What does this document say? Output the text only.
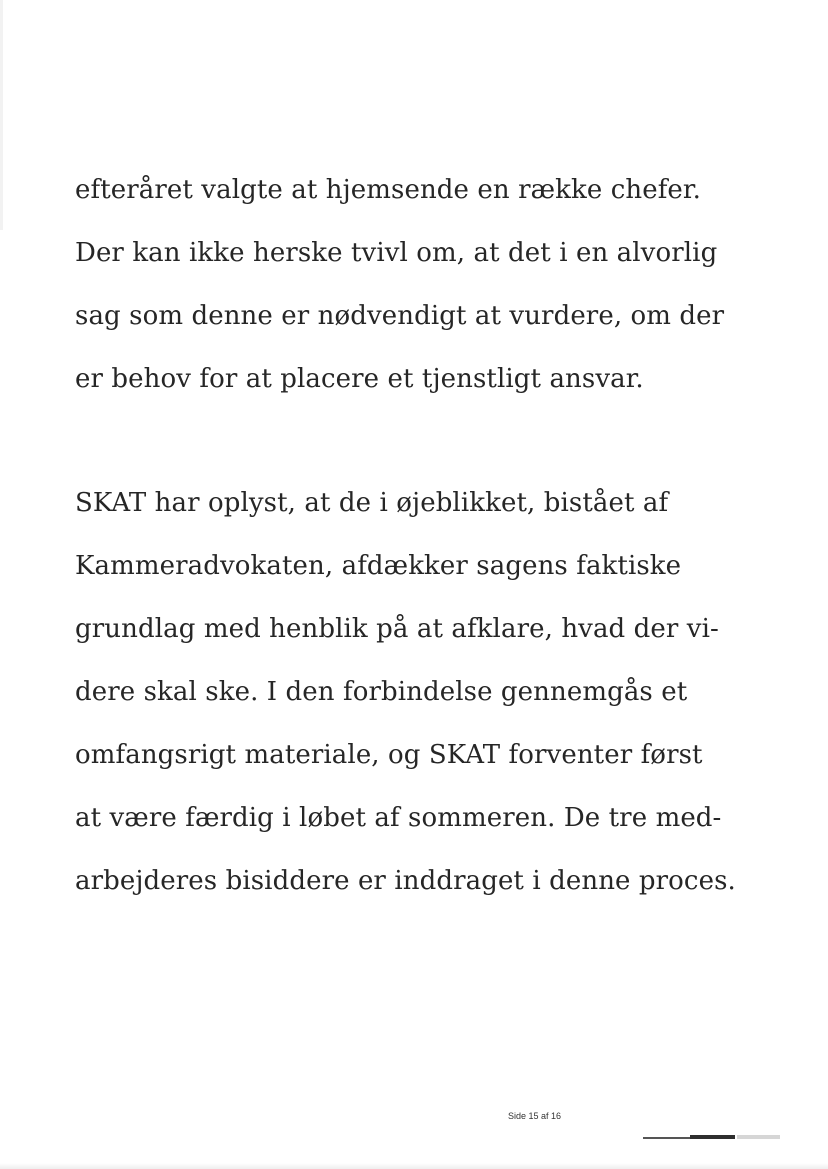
efteråret valgte at hjemsende en række chefer.

Der kan ikke herske tvivl om, at det i en alvorlig

sag som denne er nødvendigt at vurdere, om der

er behov for at placere et tjenstligt ansvar.

SKAT har oplyst, at de i øjeblikket, bistået af

Kammeradvokaten, afdækker sagens faktiske

grundlag med henblik på at afklare, hvad der vi-

dere skal ske. I den forbindelse gennemgås et

omfangsrigt materiale, og SKAT forventer først

at være færdig i løbet af sommeren. De tre med-

arbejderes bisiddere er inddraget i denne proces.

Side 15 af 16
